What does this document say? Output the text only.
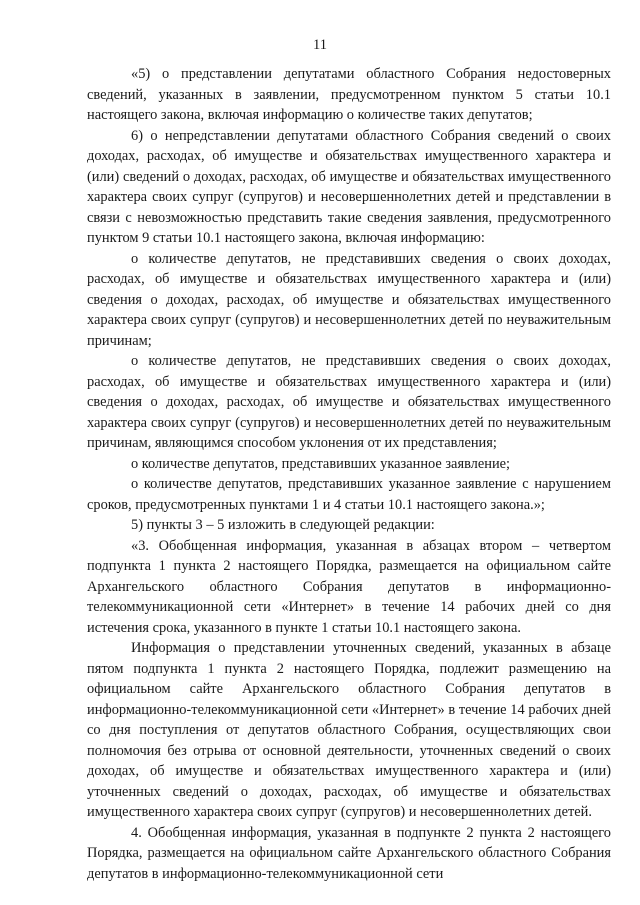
11

«5) о представлении депутатами областного Собрания недостоверных сведений, указанных в заявлении, предусмотренном пунктом 5 статьи 10.1 настоящего закона, включая информацию о количестве таких депутатов;

6) о непредставлении депутатами областного Собрания сведений о своих доходах, расходах, об имуществе и обязательствах имущественного характера и (или) сведений о доходах, расходах, об имуществе и обязательствах имущественного характера своих супруг (супругов) и несовершеннолетних детей и представлении в связи с невозможностью представить такие сведения заявления, предусмотренного пунктом 9 статьи 10.1 настоящего закона, включая информацию:

о количестве депутатов, не представивших сведения о своих доходах, расходах, об имуществе и обязательствах имущественного характера и (или) сведения о доходах, расходах, об имуществе и обязательствах имущественного характера своих супруг (супругов) и несовершеннолетних детей по неуважительным причинам;

о количестве депутатов, не представивших сведения о своих доходах, расходах, об имуществе и обязательствах имущественного характера и (или) сведения о доходах, расходах, об имуществе и обязательствах имущественного характера своих супруг (супругов) и несовершеннолетних детей по неуважительным причинам, являющимся способом уклонения от их представления;

о количестве депутатов, представивших указанное заявление;

о количестве депутатов, представивших указанное заявление с нарушением сроков, предусмотренных пунктами 1 и 4 статьи 10.1 настоящего закона.»;

5) пункты 3 – 5 изложить в следующей редакции:

«3. Обобщенная информация, указанная в абзацах втором – четвертом подпункта 1 пункта 2 настоящего Порядка, размещается на официальном сайте Архангельского областного Собрания депутатов в информационно-телекоммуникационной сети «Интернет» в течение 14 рабочих дней со дня истечения срока, указанного в пункте 1 статьи 10.1 настоящего закона.

Информация о представлении уточненных сведений, указанных в абзаце пятом подпункта 1 пункта 2 настоящего Порядка, подлежит размещению на официальном сайте Архангельского областного Собрания депутатов в информационно-телекоммуникационной сети «Интернет» в течение 14 рабочих дней со дня поступления от депутатов областного Собрания, осуществляющих свои полномочия без отрыва от основной деятельности, уточненных сведений о своих доходах, об имуществе и обязательствах имущественного характера и (или) уточненных сведений о доходах, расходах, об имуществе и обязательствах имущественного характера своих супруг (супругов) и несовершеннолетних детей.

4. Обобщенная информация, указанная в подпункте 2 пункта 2 настоящего Порядка, размещается на официальном сайте Архангельского областного Собрания депутатов в информационно-телекоммуникационной сети
